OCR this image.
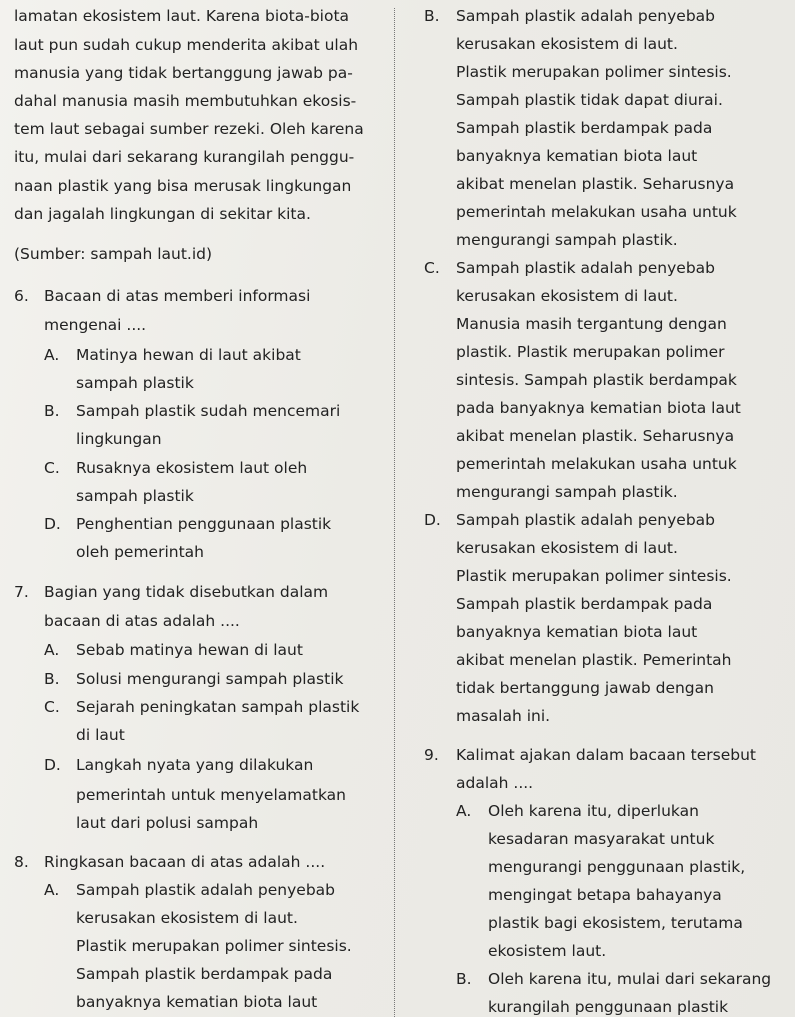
lamatan ekosistem laut. Karena biota-biota
laut pun sudah cukup menderita akibat ulah
manusia yang tidak bertanggung jawab pa-
dahal manusia masih membutuhkan ekosis-
tem laut sebagai sumber rezeki. Oleh karena
itu, mulai dari sekarang kurangilah penggu-
naan plastik yang bisa merusak lingkungan
dan jagalah lingkungan di sekitar kita.
(Sumber: sampah laut.id)
6. Bacaan di atas memberi informasi
mengenai ....
A. Matinya hewan di laut akibat
sampah plastik
B. Sampah plastik sudah mencemari
lingkungan
C. Rusaknya ekosistem laut oleh
sampah plastik
D. Penghentian penggunaan plastik
oleh pemerintah
7. Bagian yang tidak disebutkan dalam
bacaan di atas adalah ....
A. Sebab matinya hewan di laut
B. Solusi mengurangi sampah plastik
C. Sejarah peningkatan sampah plastik
di laut
D. Langkah nyata yang dilakukan
pemerintah untuk menyelamatkan
laut dari polusi sampah
8. Ringkasan bacaan di atas adalah ....
A. Sampah plastik adalah penyebab
kerusakan ekosistem di laut.
Plastik merupakan polimer sintesis.
Sampah plastik berdampak pada
banyaknya kematian biota laut
B. Sampah plastik adalah penyebab
kerusakan ekosistem di laut.
Plastik merupakan polimer sintesis.
Sampah plastik tidak dapat diurai.
Sampah plastik berdampak pada
banyaknya kematian biota laut
akibat menelan plastik. Seharusnya
pemerintah melakukan usaha untuk
mengurangi sampah plastik.
C. Sampah plastik adalah penyebab
kerusakan ekosistem di laut.
Manusia masih tergantung dengan
plastik. Plastik merupakan polimer
sintesis. Sampah plastik berdampak
pada banyaknya kematian biota laut
akibat menelan plastik. Seharusnya
pemerintah melakukan usaha untuk
mengurangi sampah plastik.
D. Sampah plastik adalah penyebab
kerusakan ekosistem di laut.
Plastik merupakan polimer sintesis.
Sampah plastik berdampak pada
banyaknya kematian biota laut
akibat menelan plastik. Pemerintah
tidak bertanggung jawab dengan
masalah ini.
9. Kalimat ajakan dalam bacaan tersebut
adalah ....
A. Oleh karena itu, diperlukan
kesadaran masyarakat untuk
mengurangi penggunaan plastik,
mengingat betapa bahayanya
plastik bagi ekosistem, terutama
ekosistem laut.
B. Oleh karena itu, mulai dari sekarang
kurangilah penggunaan plastik
